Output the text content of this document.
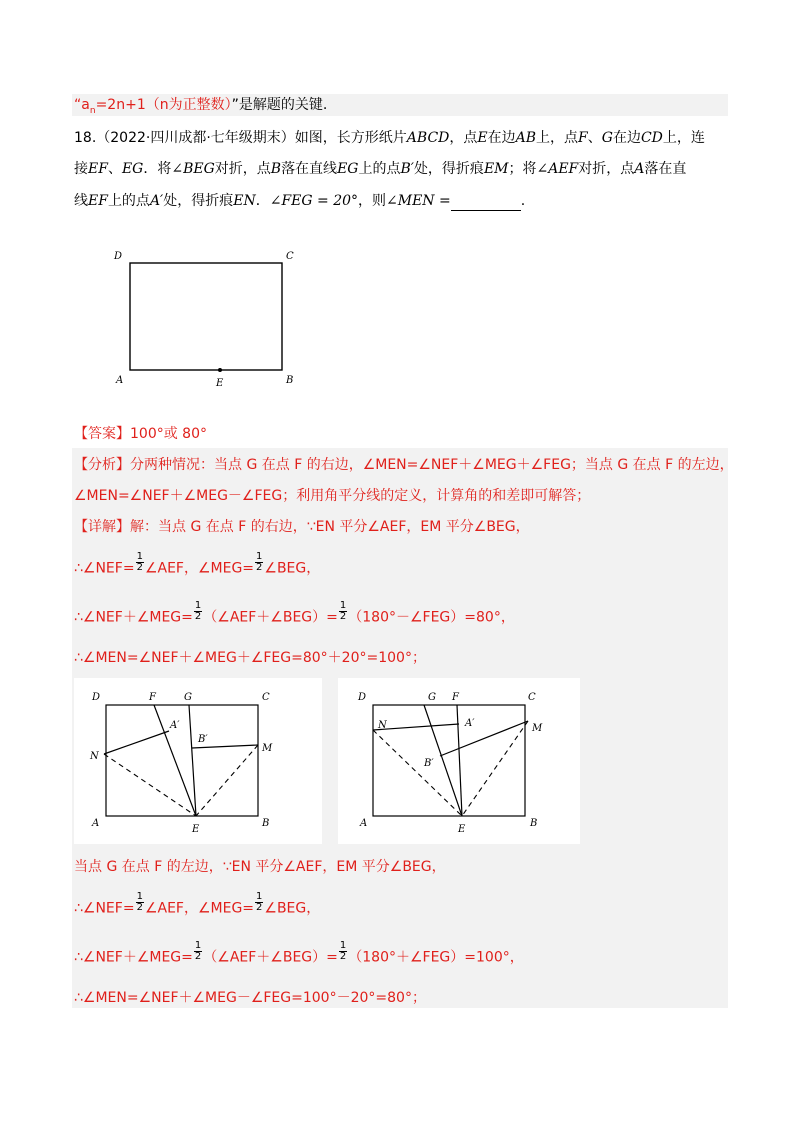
“$a_n=2n+1(n$为正整数）”是解题的关键.
18.（2022·四川成都·七年级期末）如图，长方形纸片ABCD，点E在边AB上，点F、G在边CD上，连
接EF、EG．将∠BEG对折，点B落在直线EG上的点B′处，得折痕EM；将∠AEF对折，点A落在直
线EF上的点A′处，得折痕EN．∠FEG = 20°，则∠MEN =	.
D	C
A	E	B
【答案】100°或 80°
【分析】分两种情况：当点 G 在点 F 的右边，∠MEN=∠NEF＋∠MEG＋∠FEG；当点 G 在点 F 的左边，
∠MEN=∠NEF＋∠MEG－∠FEG；利用角平分线的定义，计算角的和差即可解答；
【详解】解：当点 G 在点 F 的右边，∵EN 平分∠AEF，EM 平分∠BEG，
∴∠NEF= $\frac{1}{2}$ ∠AEF，∠MEG= $\frac{1}{2}$ ∠BEG，
∴∠NEF＋∠MEG= $\frac{1}{2}$ （∠AEF＋∠BEG）= $\frac{1}{2}$ （180°－∠FEG）=80°，
∴∠MEN=∠NEF＋∠MEG＋∠FEG=80°＋20°=100°；
D	F	G	C
A′
B′
M
N
A
E
B
D	G F	C
N	A′	M
B′
A
E
B
当点 G 在点 F 的左边，∵EN 平分∠AEF，EM 平分∠BEG，
∴∠NEF= $\frac{1}{2}$ ∠AEF，∠MEG= $\frac{1}{2}$ ∠BEG，
∴∠NEF＋∠MEG= $\frac{1}{2}$ （∠AEF＋∠BEG）= $\frac{1}{2}$ （180°＋∠FEG）=100°，
∴∠MEN=∠NEF＋∠MEG－∠FEG=100°－20°=80°；
